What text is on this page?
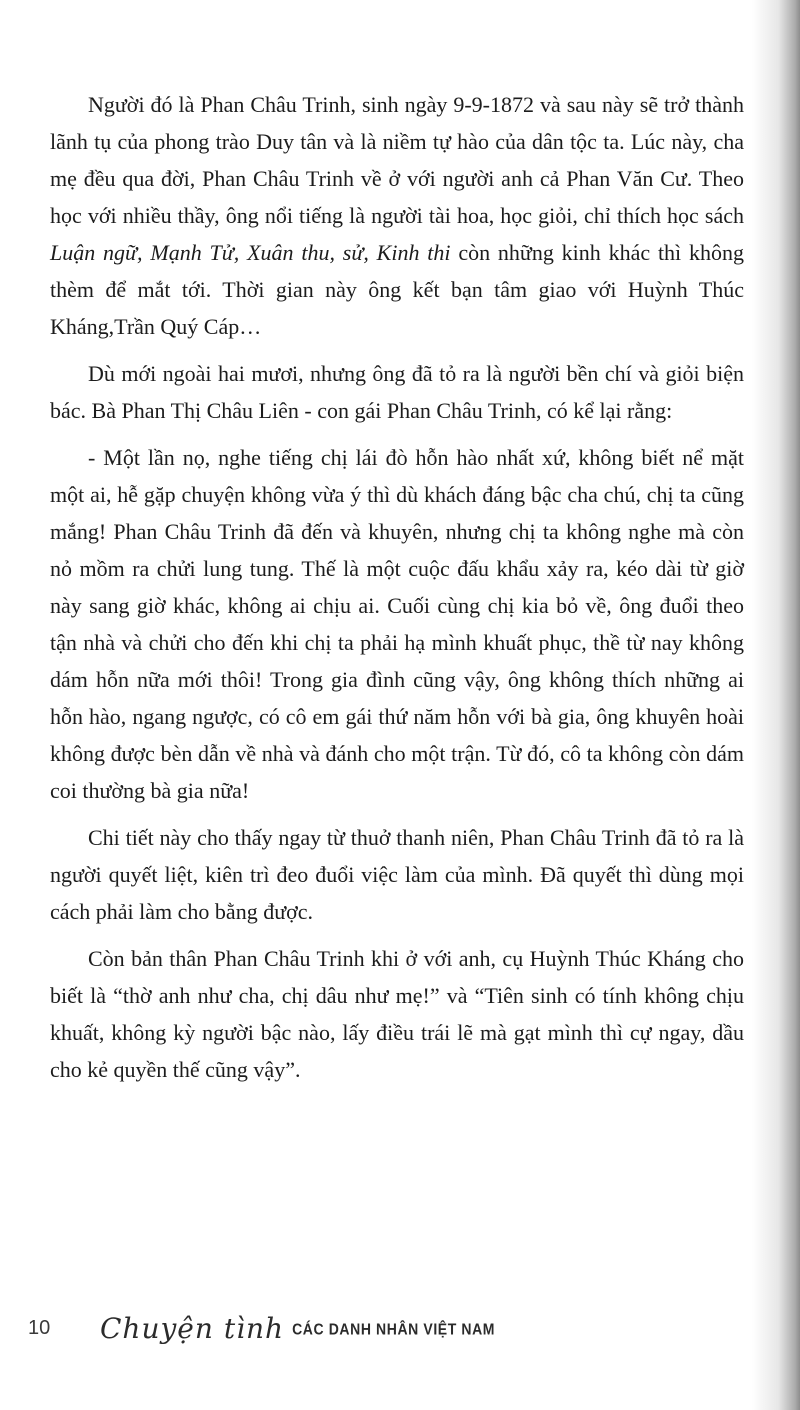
Người đó là Phan Châu Trinh, sinh ngày 9-9-1872 và sau này sẽ trở thành lãnh tụ của phong trào Duy tân và là niềm tự hào của dân tộc ta. Lúc này, cha mẹ đều qua đời, Phan Châu Trinh về ở với người anh cả Phan Văn Cư. Theo học với nhiều thầy, ông nổi tiếng là người tài hoa, học giỏi, chỉ thích học sách Luận ngữ, Mạnh Tử, Xuân thu, sử, Kinh thi còn những kinh khác thì không thèm để mắt tới. Thời gian này ông kết bạn tâm giao với Huỳnh Thúc Kháng,Trần Quý Cáp…

Dù mới ngoài hai mươi, nhưng ông đã tỏ ra là người bền chí và giỏi biện bác. Bà Phan Thị Châu Liên - con gái Phan Châu Trinh, có kể lại rằng:

- Một lần nọ, nghe tiếng chị lái đò hỗn hào nhất xứ, không biết nể mặt một ai, hễ gặp chuyện không vừa ý thì dù khách đáng bậc cha chú, chị ta cũng mắng! Phan Châu Trinh đã đến và khuyên, nhưng chị ta không nghe mà còn nỏ mồm ra chửi lung tung. Thế là một cuộc đấu khẩu xảy ra, kéo dài từ giờ này sang giờ khác, không ai chịu ai. Cuối cùng chị kia bỏ về, ông đuổi theo tận nhà và chửi cho đến khi chị ta phải hạ mình khuất phục, thề từ nay không dám hỗn nữa mới thôi! Trong gia đình cũng vậy, ông không thích những ai hỗn hào, ngang ngược, có cô em gái thứ năm hỗn với bà gia, ông khuyên hoài không được bèn dẫn về nhà và đánh cho một trận. Từ đó, cô ta không còn dám coi thường bà gia nữa!

Chi tiết này cho thấy ngay từ thuở thanh niên, Phan Châu Trinh đã tỏ ra là người quyết liệt, kiên trì đeo đuổi việc làm của mình. Đã quyết thì dùng mọi cách phải làm cho bằng được.

Còn bản thân Phan Châu Trinh khi ở với anh, cụ Huỳnh Thúc Kháng cho biết là “thờ anh như cha, chị dâu như mẹ!” và “Tiên sinh có tính không chịu khuất, không kỳ người bậc nào, lấy điều trái lẽ mà gạt mình thì cự ngay, dầu cho kẻ quyền thế cũng vậy”.

10	Chuyện tình CÁC DANH NHÂN VIỆT NAM
